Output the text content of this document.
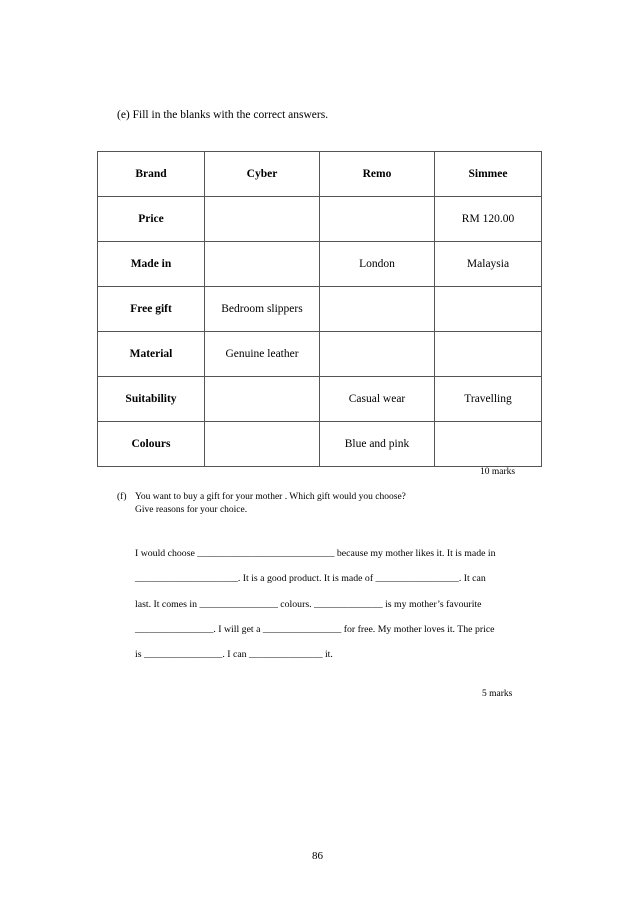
(e) Fill in the blanks with the correct answers.
Brand	Cyber	Remo	Simmee
Price			RM 120.00
Made in		London	Malaysia
Free gift	Bedroom slippers		
Material	Genuine leather		
Suitability		Casual wear	Travelling
Colours		Blue and pink	
10 marks
(f) You want to buy a gift for your mother . Which gift would you choose?
Give reasons for your choice.

I would choose ____________________________ because my mother likes it. It is made in

_____________________. It is a good product. It is made of _________________. It can

last. It comes in ________________ colours. ______________ is my mother’s favourite

________________. I will get a ________________ for free. My mother loves it. The price

is ________________. I can _______________ it.

5 marks
86
